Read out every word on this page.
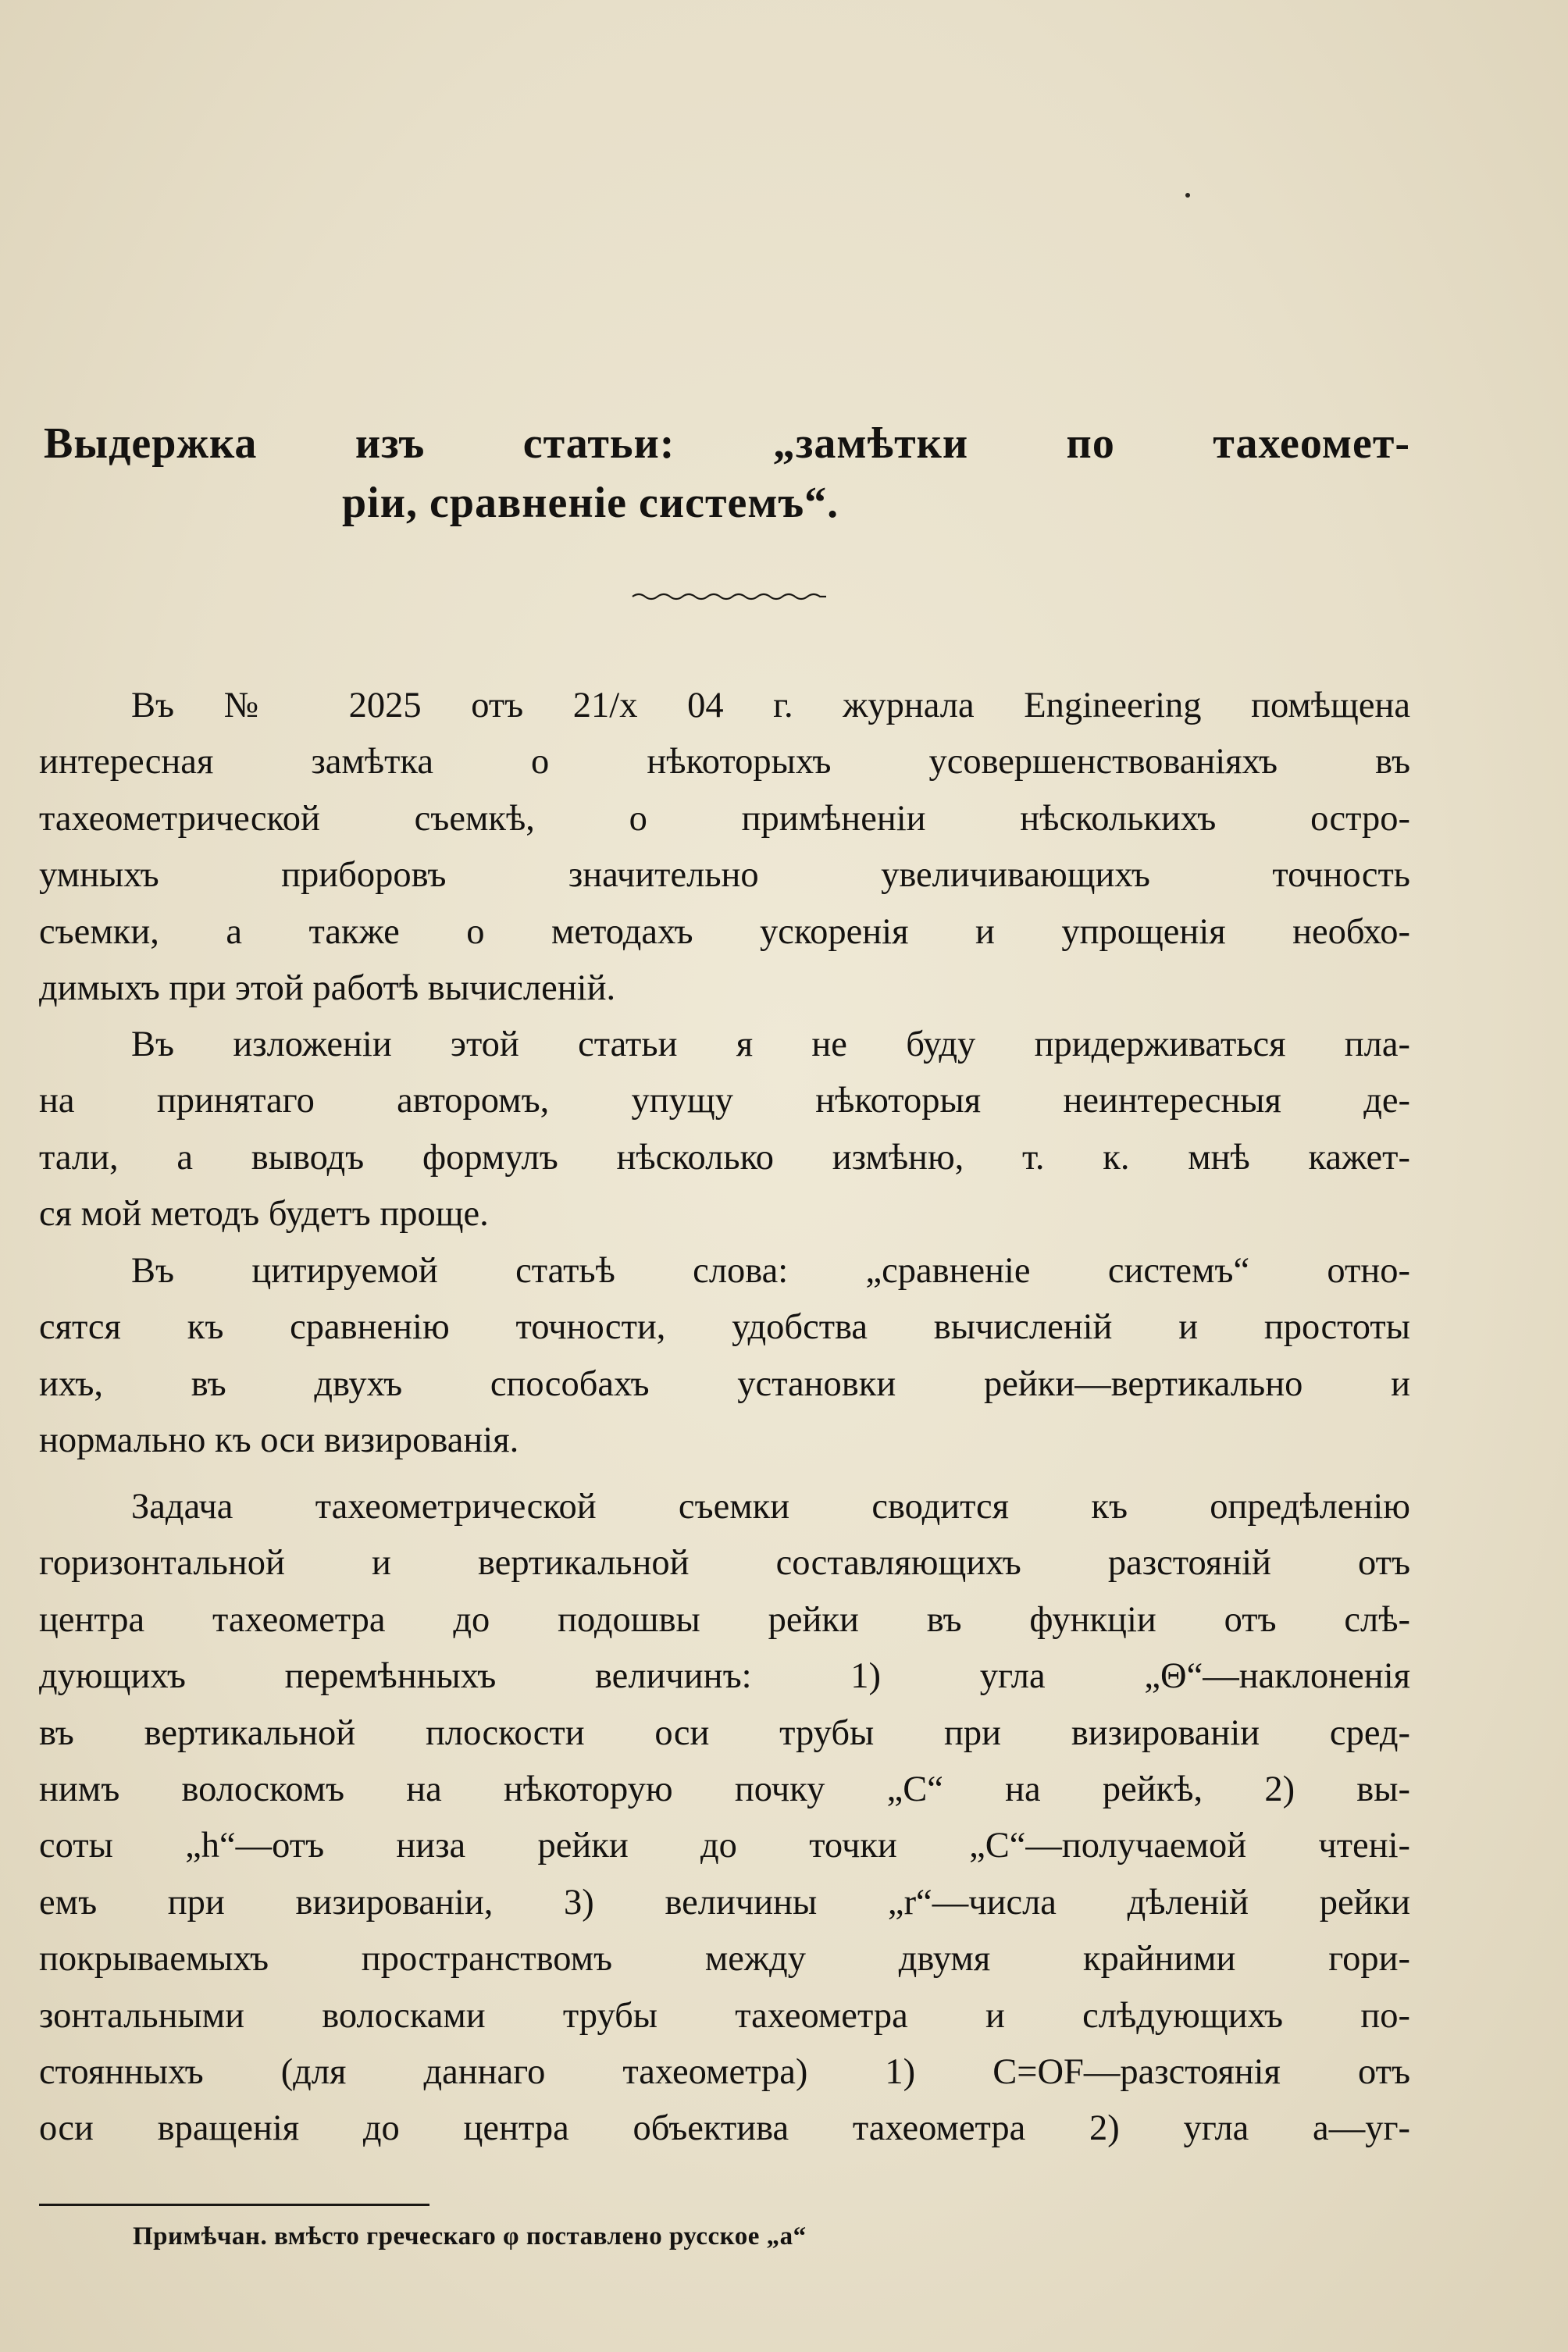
Выдержка изъ статьи: „замѣтки по тахеомет-
ріи, сравненіе системъ“.
Въ № 2025 отъ 21/х 04 г. журнала Engineering помѣщена
интересная замѣтка о нѣкоторыхъ усовершенствованіяхъ въ
тахеометрической съемкѣ, о примѣненіи нѣсколькихъ остро-
умныхъ приборовъ значительно увеличивающихъ точность
съемки, а также о методахъ ускоренія и упрощенія необхо-
димыхъ при этой работѣ вычисленій.
Въ изложеніи этой статьи я не буду придерживаться пла-
на принятаго авторомъ, упущу нѣкоторыя неинтересныя де-
тали, а выводъ формулъ нѣсколько измѣню, т. к. мнѣ кажет-
ся мой методъ будетъ проще.
Въ цитируемой статьѣ слова: „сравненіе системъ“ отно-
сятся къ сравненію точности, удобства вычисленій и простоты
ихъ, въ двухъ способахъ установки рейки—вертикально и
нормально къ оси визированія.
Задача тахеометрической съемки сводится къ опредѣленію
горизонтальной и вертикальной составляющихъ разстояній отъ
центра тахеометра до подошвы рейки въ функціи отъ слѣ-
дующихъ перемѣнныхъ величинъ: 1) угла „Θ“—наклоненія
въ вертикальной плоскости оси трубы при визированіи сред-
нимъ волоскомъ на нѣкоторую почку „С“ на рейкѣ, 2) вы-
соты „h“—отъ низа рейки до точки „С“—получаемой чтені-
емъ при визированіи, 3) величины „r“—числа дѣленій рейки
покрываемыхъ пространствомъ между двумя крайними гори-
зонтальными волосками трубы тахеометра и слѣдующихъ по-
стоянныхъ (для даннаго тахеометра) 1) С=OF—разстоянія отъ
оси вращенія до центра объектива тахеометра 2) угла а—уг-
Примѣчан. вмѣсто греческаго φ поставлено русское „а“
